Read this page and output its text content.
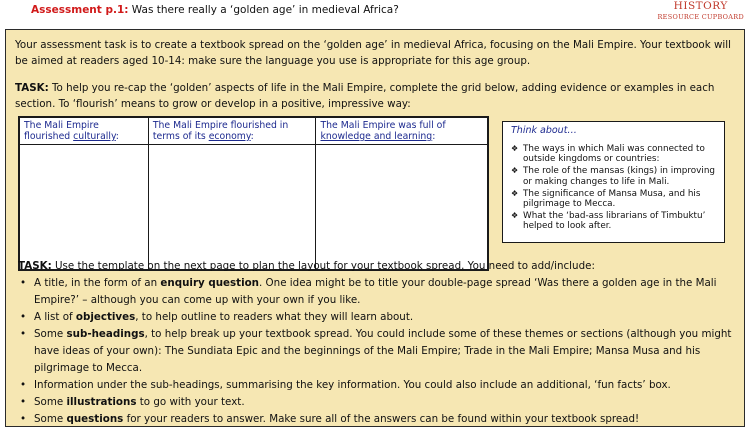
Assessment p.1: Was there really a ‘golden age’ in medieval Africa?	HISTORY
RESOURCE CUPBOARD
Your assessment task is to create a textbook spread on the ‘golden age’ in medieval Africa, focusing on the Mali Empire. Your textbook will be aimed at readers aged 10-14: make sure the language you use is appropriate for this age group.
TASK: To help you re-cap the ‘golden’ aspects of life in the Mali Empire, complete the grid below, adding evidence or examples in each section. To ‘flourish’ means to grow or develop in a positive, impressive way:
The Mali Empire flourished culturally:	The Mali Empire flourished in terms of its economy:	The Mali Empire was full of knowledge and learning:

Think about…
❖ The ways in which Mali was connected to outside kingdoms or countries:
❖ The role of the mansas (kings) in improving or making changes to life in Mali.
❖ The significance of Mansa Musa, and his pilgrimage to Mecca.
❖ What the ‘bad-ass librarians of Timbuktu’ helped to look after.
TASK: Use the template on the next page to plan the layout for your textbook spread. You need to add/include:
• A title, in the form of an enquiry question. One idea might be to title your double-page spread ‘Was there a golden age in the Mali Empire?’ – although you can come up with your own if you like.
• A list of objectives, to help outline to readers what they will learn about.
• Some sub-headings, to help break up your textbook spread. You could include some of these themes or sections (although you might have ideas of your own): The Sundiata Epic and the beginnings of the Mali Empire; Trade in the Mali Empire; Mansa Musa and his pilgrimage to Mecca.
• Information under the sub-headings, summarising the key information. You could also include an additional, ‘fun facts’ box.
• Some illustrations to go with your text.
• Some questions for your readers to answer. Make sure all of the answers can be found within your textbook spread!
